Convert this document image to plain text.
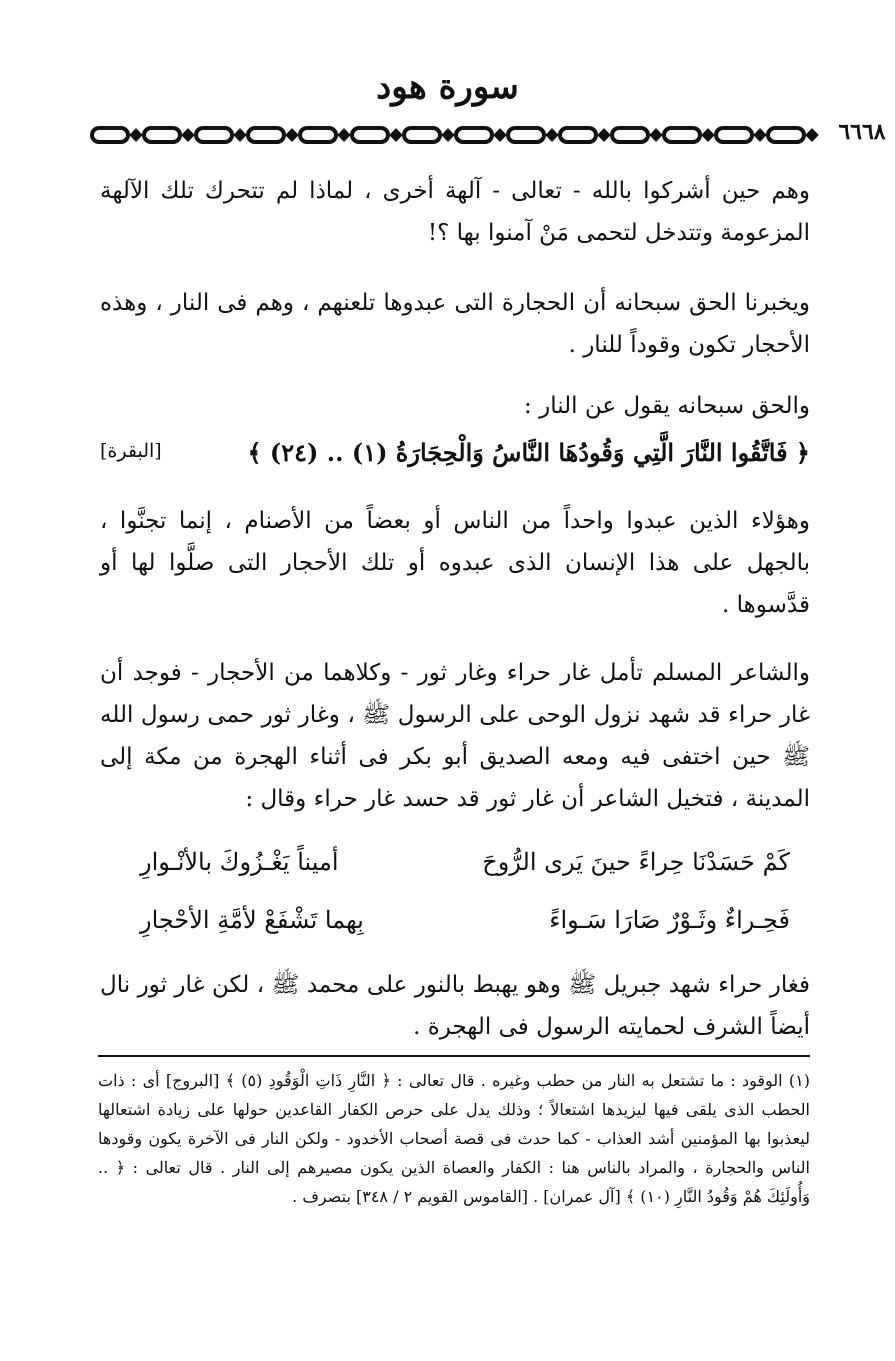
سورة هود
٦٦٦٨

وهم حين أشركوا بالله - تعالى - آلهة أخرى ، لماذا لم تتحرك تلك الآلهة المزعومة وتتدخل لتحمى مَنْ آمنوا بها ؟!

ويخبرنا الحق سبحانه أن الحجارة التى عبدوها تلعنهم ، وهم فى النار ، وهذه الأحجار تكون وقوداً للنار .

والحق سبحانه يقول عن النار :

﴿ فَاتَّقُوا النَّارَ الَّتِي وَقُودُهَا النَّاسُ وَالْحِجَارَةُ (١) .. (٢٤) ﴾
[البقرة]

وهؤلاء الذين عبدوا واحداً من الناس أو بعضاً من الأصنام ، إنما تجنَّوا ، بالجهل على هذا الإنسان الذى عبدوه أو تلك الأحجار التى صلَّوا لها أو قدَّسوها .

والشاعر المسلم تأمل غار حراء وغار ثور - وكلاهما من الأحجار - فوجد أن غار حراء قد شهد نزول الوحى على الرسول ﷺ ، وغار ثور حمى رسول الله ﷺ حين اختفى فيه ومعه الصديق أبو بكر فى أثناء الهجرة من مكة إلى المدينة ، فتخيل الشاعر أن غار ثور قد حسد غار حراء وقال :

كَمْ حَسَدْنَا حِراءً حينَ يَرى الرُّوحَ
أميناً يَغْـزُوكَ بالأنْـوارِ
فَحِـراءٌ وثَـوْرٌ صَارَا سَـواءً
بِهما تَشْفَعْ لأمَّةِ الأحْجارِ

فغار حراء شهد جبريل ﷺ وهو يهبط بالنور على محمد ﷺ ، لكن غار ثور نال أيضاً الشرف لحمايته الرسول فى الهجرة .

(١) الوقود : ما تشتعل به النار من حطب وغيره . قال تعالى : ﴿ النَّارِ ذَاتِ الْوَقُودِ (٥) ﴾ [البروج] أى : ذات الحطب الذى يلقى فيها ليزيدها اشتعالاً ؛ وذلك يدل على حرص الكفار القاعدين حولها على زيادة اشتعالها ليعذبوا بها المؤمنين أشد العذاب - كما حدث فى قصة أصحاب الأخدود - ولكن النار فى الآخرة يكون وقودها الناس والحجارة ، والمراد بالناس هنا : الكفار والعصاة الذين يكون مصيرهم إلى النار . قال تعالى : ﴿ .. وَأُولَئِكَ هُمْ وَقُودُ النَّارِ (١٠) ﴾ [آل عمران] . [القاموس القويم ٢ / ٣٤٨] بتصرف .
